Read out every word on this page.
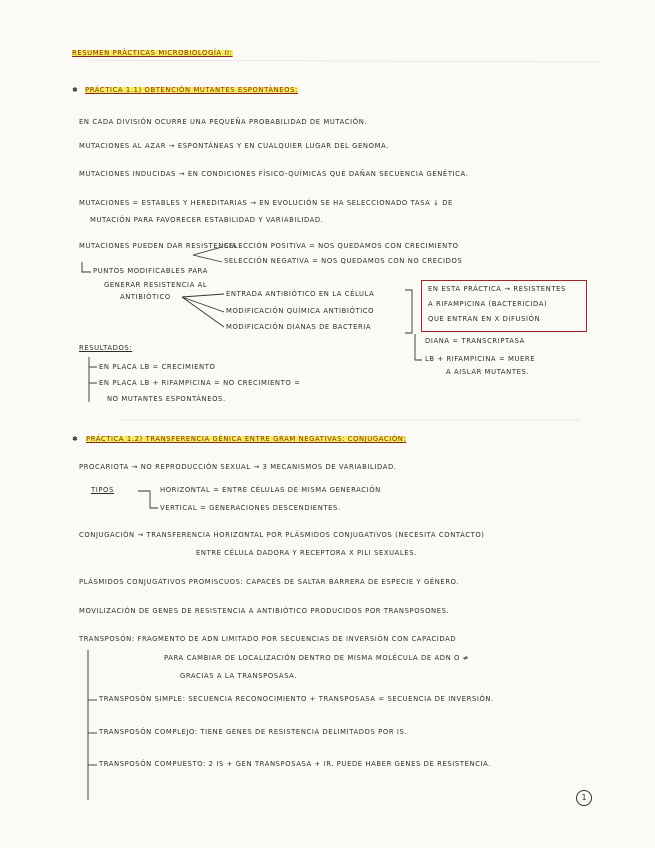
RESUMEN PRÁCTICAS MICROBIOLOGÍA II:
✱ PRÁCTICA 1.1) OBTENCIÓN MUTANTES ESPONTÁNEOS:
EN CADA DIVISIÓN OCURRE UNA PEQUEÑA PROBABILIDAD DE MUTACIÓN.
MUTACIONES AL AZAR → ESPONTÁNEAS Y EN CUALQUIER LUGAR DEL GENOMA.
MUTACIONES INDUCIDAS → EN CONDICIONES FÍSICO-QUÍMICAS QUE DAÑAN SECUENCIA GENÉTICA.
MUTACIONES = ESTABLES Y HEREDITARIAS → EN EVOLUCIÓN SE HA SELECCIONADO TASA ↓ DE
MUTACIÓN PARA FAVORECER ESTABILIDAD Y VARIABILIDAD.
MUTACIONES PUEDEN DAR RESISTENCIA
SELECCIÓN POSITIVA = NOS QUEDAMOS CON CRECIMIENTO
SELECCIÓN NEGATIVA = NOS QUEDAMOS CON NO CRECIDOS
PUNTOS MODIFICABLES PARA
GENERAR RESISTENCIA AL
ANTIBIÓTICO	ENTRADA ANTIBIÓTICO EN LA CÉLULA
MODIFICACIÓN QUÍMICA ANTIBIÓTICO
MODIFICACIÓN DIANAS DE BACTERIA
EN ESTA PRÁCTICA → RESISTENTES
A RIFAMPICINA (BACTERICIDA)
QUE ENTRAN EN X DIFUSIÓN
DIANA = TRANSCRIPTASA
LB + RIFAMPICINA = MUERE
A AISLAR MUTANTES.
RESULTADOS:
EN PLACA LB = CRECIMIENTO
EN PLACA LB + RIFAMPICINA = NO CRECIMIENTO =
NO MUTANTES ESPONTÁNEOS.
✱ PRÁCTICA 1.2) TRANSFERENCIA GÉNICA ENTRE GRAM NEGATIVAS: CONJUGACIÓN:
PROCARIOTA → NO REPRODUCCIÓN SEXUAL → 3 MECANISMOS DE VARIABILIDAD.
TIPOS	HORIZONTAL = ENTRE CÉLULAS DE MISMA GENERACIÓN
VERTICAL = GENERACIONES DESCENDIENTES.
CONJUGACIÓN → TRANSFERENCIA HORIZONTAL POR PLÁSMIDOS CONJUGATIVOS (NECESITA CONTACTO)
ENTRE CÉLULA DADORA Y RECEPTORA X PILI SEXUALES.
PLÁSMIDOS CONJUGATIVOS PROMISCUOS: CAPACES DE SALTAR BARRERA DE ESPECIE Y GÉNERO.
MOVILIZACIÓN DE GENES DE RESISTENCIA A ANTIBIÓTICO PRODUCIDOS POR TRANSPOSONES.
TRANSPOSÓN: FRAGMENTO DE ADN LIMITADO POR SECUENCIAS DE INVERSIÓN CON CAPACIDAD
PARA CAMBIAR DE LOCALIZACIÓN DENTRO DE MISMA MOLÉCULA DE ADN O ≠
GRACIAS A LA TRANSPOSASA.
TRANSPOSÓN SIMPLE: SECUENCIA RECONOCIMIENTO + TRANSPOSASA = SECUENCIA DE INVERSIÓN.
TRANSPOSÓN COMPLEJO: TIENE GENES DE RESISTENCIA DELIMITADOS POR IS.
TRANSPOSÓN COMPUESTO: 2 IS + GEN TRANSPOSASA + IR. PUEDE HABER GENES DE RESISTENCIA.
1
